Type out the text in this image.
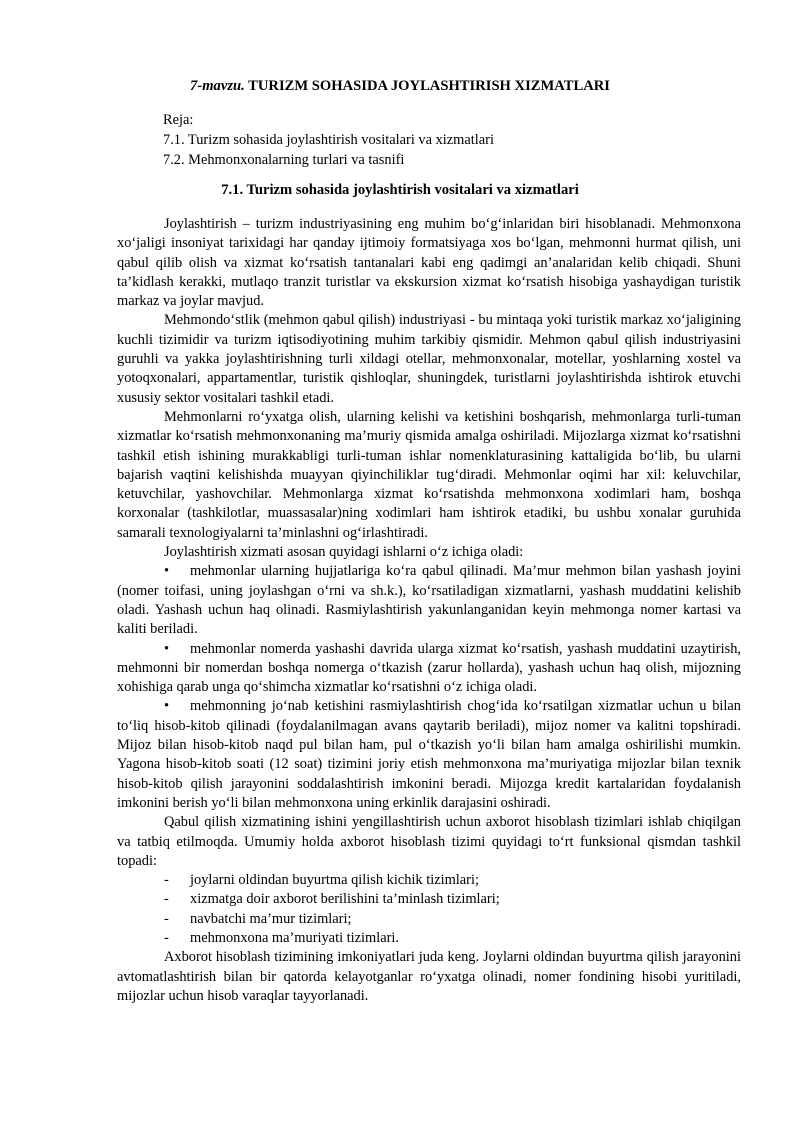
7-mavzu. TURIZM SOHASIDA JOYLASHTIRISH XIZMATLARI
Reja:
7.1. Turizm sohasida joylashtirish vositalari va xizmatlari
7.2. Mehmonxonalarning turlari va tasnifi
7.1. Turizm sohasida joylashtirish vositalari va xizmatlari

Joylashtirish – turizm industriyasining eng muhim bo‘g‘inlaridan biri hisoblanadi. Mehmonxona xo‘jaligi insoniyat tarixidagi har qanday ijtimoiy formatsiyaga xos bo‘lgan, mehmonni hurmat qilish, uni qabul qilib olish va xizmat ko‘rsatish tantanalari kabi eng qadimgi an’analaridan kelib chiqadi. Shuni ta’kidlash kerakki, mutlaqo tranzit turistlar va ekskursion xizmat ko‘rsatish hisobiga yashaydigan turistik markaz va joylar mavjud.

Mehmondo‘stlik (mehmon qabul qilish) industriyasi - bu mintaqa yoki turistik markaz xo‘jaligining kuchli tizimidir va turizm iqtisodiyotining muhim tarkibiy qismidir. Mehmon qabul qilish industriyasini guruhli va yakka joylashtirishning turli xildagi otellar, mehmonxonalar, motellar, yoshlarning xostel va yotoqxonalari, appartamentlar, turistik qishloqlar, shuningdek, turistlarni joylashtirishda ishtirok etuvchi xususiy sektor vositalari tashkil etadi.

Mehmonlarni ro‘yxatga olish, ularning kelishi va ketishini boshqarish, mehmonlarga turli-tuman xizmatlar ko‘rsatish mehmonxonaning ma’muriy qismida amalga oshiriladi. Mijozlarga xizmat ko‘rsatishni tashkil etish ishining murakkabligi turli-tuman ishlar nomenklaturasining kattaligida bo‘lib, bu ularni bajarish vaqtini kelishishda muayyan qiyinchiliklar tug‘diradi. Mehmonlar oqimi har xil: keluvchilar, ketuvchilar, yashovchilar. Mehmonlarga xizmat ko‘rsatishda mehmonxona xodimlari ham, boshqa korxonalar (tashkilotlar, muassasalar)ning xodimlari ham ishtirok etadiki, bu ushbu xonalar guruhida samarali texnologiyalarni ta’minlashni og‘irlashtiradi.

Joylashtirish xizmati asosan quyidagi ishlarni o‘z ichiga oladi:

• mehmonlar ularning hujjatlariga ko‘ra qabul qilinadi. Ma’mur mehmon bilan yashash joyini (nomer toifasi, uning joylashgan o‘rni va sh.k.), ko‘rsatiladigan xizmatlarni, yashash muddatini kelishib oladi. Yashash uchun haq olinadi. Rasmiylashtirish yakunlanganidan keyin mehmonga nomer kartasi va kaliti beriladi.

• mehmonlar nomerda yashashi davrida ularga xizmat ko‘rsatish, yashash muddatini uzaytirish, mehmonni bir nomerdan boshqa nomerga o‘tkazish (zarur hollarda), yashash uchun haq olish, mijozning xohishiga qarab unga qo‘shimcha xizmatlar ko‘rsatishni o‘z ichiga oladi.

• mehmonning jo‘nab ketishini rasmiylashtirish chog‘ida ko‘rsatilgan xizmatlar uchun u bilan to‘liq hisob-kitob qilinadi (foydalanilmagan avans qaytarib beriladi), mijoz nomer va kalitni topshiradi. Mijoz bilan hisob-kitob naqd pul bilan ham, pul o‘tkazish yo‘li bilan ham amalga oshirilishi mumkin. Yagona hisob-kitob soati (12 soat) tizimini joriy etish mehmonxona ma’muriyatiga mijozlar bilan texnik hisob-kitob qilish jarayonini soddalashtirish imkonini beradi. Mijozga kredit kartalaridan foydalanish imkonini berish yo‘li bilan mehmonxona uning erkinlik darajasini oshiradi.

Qabul qilish xizmatining ishini yengillashtirish uchun axborot hisoblash tizimlari ishlab chiqilgan va tatbiq etilmoqda. Umumiy holda axborot hisoblash tizimi quyidagi to‘rt funksional qismdan tashkil topadi:

- joylarni oldindan buyurtma qilish kichik tizimlari;

- xizmatga doir axborot berilishini ta’minlash tizimlari;

- navbatchi ma’mur tizimlari;

- mehmonxona ma’muriyati tizimlari.

Axborot hisoblash tizimining imkoniyatlari juda keng. Joylarni oldindan buyurtma qilish jarayonini avtomatlashtirish bilan bir qatorda kelayotganlar ro‘yxatga olinadi, nomer fondining hisobi yuritiladi, mijozlar uchun hisob varaqlar tayyorlanadi.
